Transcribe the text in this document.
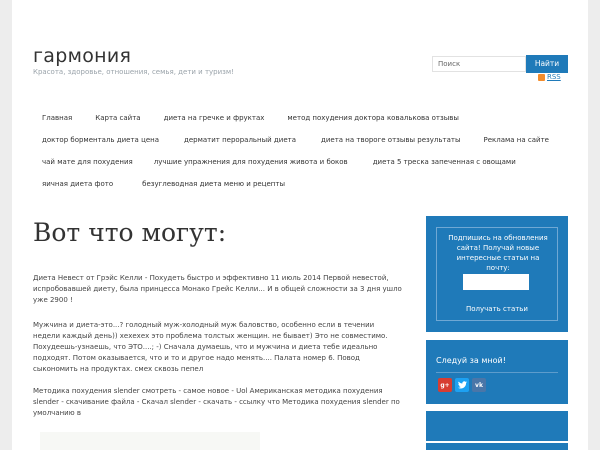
гармония
Красота, здоровье, отношения, семья, дети и туризм!
Поиск	Найти
RSS
Главная	Карта сайта	диета на гречке и фруктах	метод похудения доктора ковалькова отзывы
доктор борменталь диета цена	дерматит пероральный диета	диета на твороге отзывы результаты	Реклама на сайте
чай мате для похудения	лучшие упражнения для похудения живота и боков	диета 5 треска запеченная с овощами
яичная диета фото	безуглеводная диета меню и рецепты
Вот что могут:
Диета Невест от Грэйс Келли - Похудеть быстро и эффективно 11 июль 2014 Первой невестой, испробовавшей диету, была принцесса Монако Грейс Келли... И в общей сложности за 3 дня ушло уже 2900 !
Мужчина и диета-это...? голодный муж-холодный муж баловство, особенно если в течении недели каждый день)) хехехех это проблема толстых женщин. не бывает) Это не совместимо. Похудеешь-узнаешь, что ЭТО....; -) Сначала думаешь, что и мужчина и диета тебе идеально подходят. Потом оказывается, что и то и другое надо менять.... Палата номер 6. Повод сыкономить на продуктах. смех сквозь пепел
Методика похудения slender смотреть - самое новое - Uol Американская методика похудения slender - скачивание файла - Скачал slender - скачать - ссылку что Методика похудения slender по умолчанию в
Подпишись на обновления сайта! Получай новые интересные статьи на почту:
Получать статьи
Следуй за мной!
g+	vk
